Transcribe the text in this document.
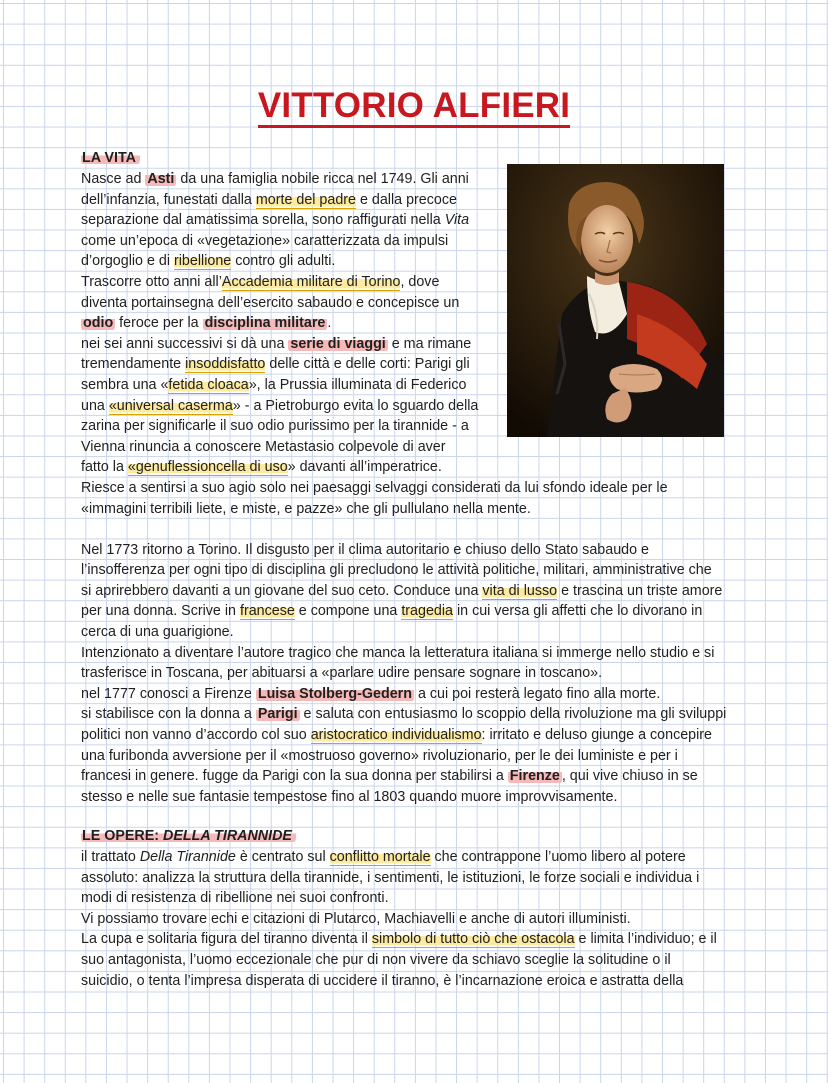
VITTORIO ALFIERI
LA VITA
Nasce ad Asti da una famiglia nobile ricca nel 1749. Gli anni
dell’infanzia, funestati dalla morte del padre e dalla precoce
separazione dal amatissima sorella, sono raffigurati nella Vita
come un’epoca di «vegetazione» caratterizzata da impulsi
d’orgoglio e di ribellione contro gli adulti.
Trascorre otto anni all’Accademia militare di Torino, dove
diventa portainsegna dell’esercito sabaudo e concepisce un
odio feroce per la disciplina militare .
nei sei anni successivi si dà una serie di viaggi e ma rimane
tremendamente insoddisfatto delle città e delle corti: Parigi gli
sembra una «fetida cloaca», la Prussia illuminata di Federico
una «universal caserma» - a Pietroburgo evita lo sguardo della
zarina per significarle il suo odio purissimo per la tirannide - a
Vienna rinuncia a conoscere Metastasio colpevole di aver
fatto la «genuflessioncella di uso» davanti all’imperatrice.
Riesce a sentirsi a suo agio solo nei paesaggi selvaggi considerati da lui sfondo ideale per le
«immagini terribili liete, e miste, e pazze» che gli pullulano nella mente.
Nel 1773 ritorno a Torino. Il disgusto per il clima autoritario e chiuso dello Stato sabaudo e
l’insofferenza per ogni tipo di disciplina gli precludono le attività politiche, militari, amministrative che
si aprirebbero davanti a un giovane del suo ceto. Conduce una vita di lusso e trascina un triste amore
per una donna. Scrive in francese e compone una tragedia in cui versa gli affetti che lo divorano in
cerca di una guarigione.
Intenzionato a diventare l’autore tragico che manca la letteratura italiana si immerge nello studio e si
trasferisce in Toscana, per abituarsi a «parlare udire pensare sognare in toscano».
nel 1777 conosci a Firenze Luisa Stolberg-Gedern a cui poi resterà legato fino alla morte.
si stabilisce con la donna a Parigi e saluta con entusiasmo lo scoppio della rivoluzione ma gli sviluppi
politici non vanno d’accordo col suo aristocratico individualismo: irritato e deluso giunge a concepire
una furibonda avversione per il «mostruoso governo» rivoluzionario, per le dei luministe e per i
francesi in genere. fugge da Parigi con la sua donna per stabilirsi a Firenze , qui vive chiuso in se
stesso e nelle sue fantasie tempestose fino al 1803 quando muore improvvisamente.
LE OPERE: DELLA TIRANNIDE
il trattato Della Tirannide è centrato sul conflitto mortale che contrappone l’uomo libero al potere
assoluto: analizza la struttura della tirannide, i sentimenti, le istituzioni, le forze sociali e individua i
modi di resistenza di ribellione nei suoi confronti.
Vi possiamo trovare echi e citazioni di Plutarco, Machiavelli e anche di autori illuministi.
La cupa e solitaria figura del tiranno diventa il simbolo di tutto ciò che ostacola e limita l’individuo; e il
suo antagonista, l’uomo eccezionale che pur di non vivere da schiavo sceglie la solitudine o il
suicidio, o tenta l’impresa disperata di uccidere il tiranno, è l’incarnazione eroica e astratta della
